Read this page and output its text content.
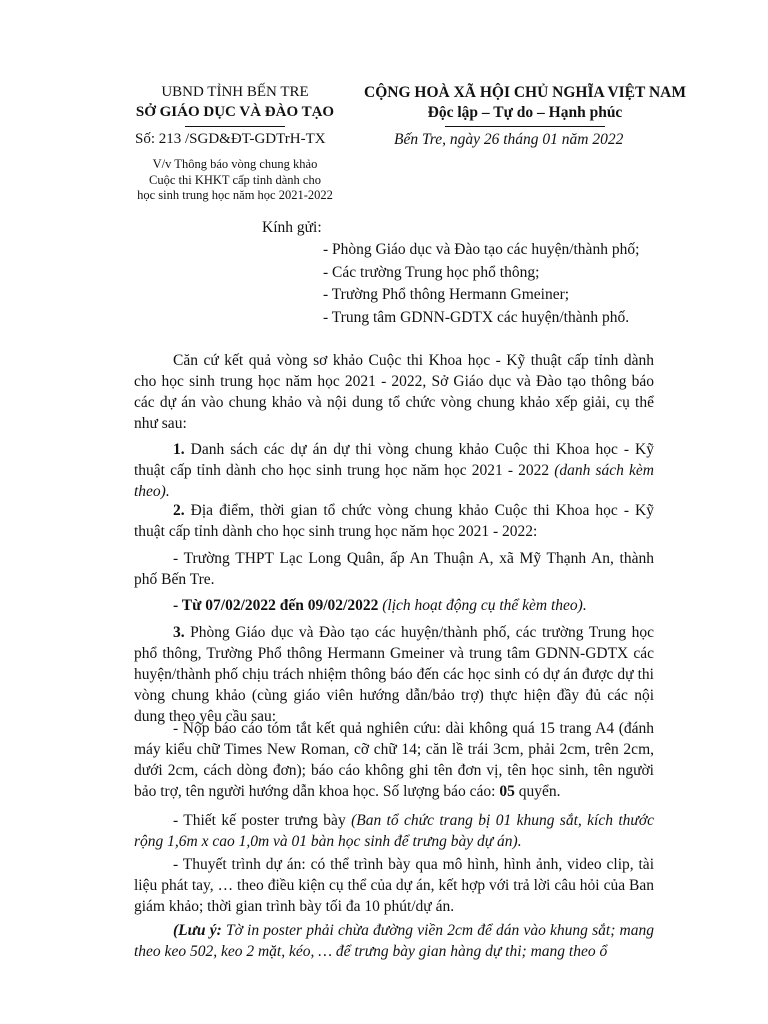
UBND TỈNH BẾN TRE
SỞ GIÁO DỤC VÀ ĐÀO TẠO
Số: 213 /SGD&ĐT-GDTrH-TX
V/v Thông báo vòng chung khảo
Cuộc thi KHKT cấp tỉnh dành cho
học sinh trung học năm học 2021-2022
CỘNG HOÀ XÃ HỘI CHỦ NGHĨA VIỆT NAM
Độc lập – Tự do – Hạnh phúc
Bến Tre, ngày 26 tháng 01 năm 2022
Kính gửi:
- Phòng Giáo dục và Đào tạo các huyện/thành phố;
- Các trường Trung học phổ thông;
- Trường Phổ thông Hermann Gmeiner;
- Trung tâm GDNN-GDTX các huyện/thành phố.
Căn cứ kết quả vòng sơ khảo Cuộc thi Khoa học - Kỹ thuật cấp tỉnh dành cho học sinh trung học năm học 2021 - 2022, Sở Giáo dục và Đào tạo thông báo các dự án vào chung khảo và nội dung tổ chức vòng chung khảo xếp giải, cụ thể như sau:
1. Danh sách các dự án dự thi vòng chung khảo Cuộc thi Khoa học - Kỹ thuật cấp tỉnh dành cho học sinh trung học năm học 2021 - 2022 (danh sách kèm theo).
2. Địa điểm, thời gian tổ chức vòng chung khảo Cuộc thi Khoa học - Kỹ thuật cấp tỉnh dành cho học sinh trung học năm học 2021 - 2022:
- Trường THPT Lạc Long Quân, ấp An Thuận A, xã Mỹ Thạnh An, thành phố Bến Tre.
- Từ 07/02/2022 đến 09/02/2022 (lịch hoạt động cụ thể kèm theo).
3. Phòng Giáo dục và Đào tạo các huyện/thành phố, các trường Trung học phổ thông, Trường Phổ thông Hermann Gmeiner và trung tâm GDNN-GDTX các huyện/thành phố chịu trách nhiệm thông báo đến các học sinh có dự án được dự thi vòng chung khảo (cùng giáo viên hướng dẫn/bảo trợ) thực hiện đầy đủ các nội dung theo yêu cầu sau:
- Nộp báo cáo tóm tắt kết quả nghiên cứu: dài không quá 15 trang A4 (đánh máy kiểu chữ Times New Roman, cỡ chữ 14; căn lề trái 3cm, phải 2cm, trên 2cm, dưới 2cm, cách dòng đơn); báo cáo không ghi tên đơn vị, tên học sinh, tên người bảo trợ, tên người hướng dẫn khoa học. Số lượng báo cáo: 05 quyển.
- Thiết kế poster trưng bày (Ban tổ chức trang bị 01 khung sắt, kích thước rộng 1,6m x cao 1,0m và 01 bàn học sinh để trưng bày dự án).
- Thuyết trình dự án: có thể trình bày qua mô hình, hình ảnh, video clip, tài liệu phát tay, … theo điều kiện cụ thể của dự án, kết hợp với trả lời câu hỏi của Ban giám khảo; thời gian trình bày tối đa 10 phút/dự án.
(Lưu ý: Tờ in poster phải chừa đường viền 2cm để dán vào khung sắt; mang theo keo 502, keo 2 mặt, kéo, … để trưng bày gian hàng dự thi; mang theo ổ
